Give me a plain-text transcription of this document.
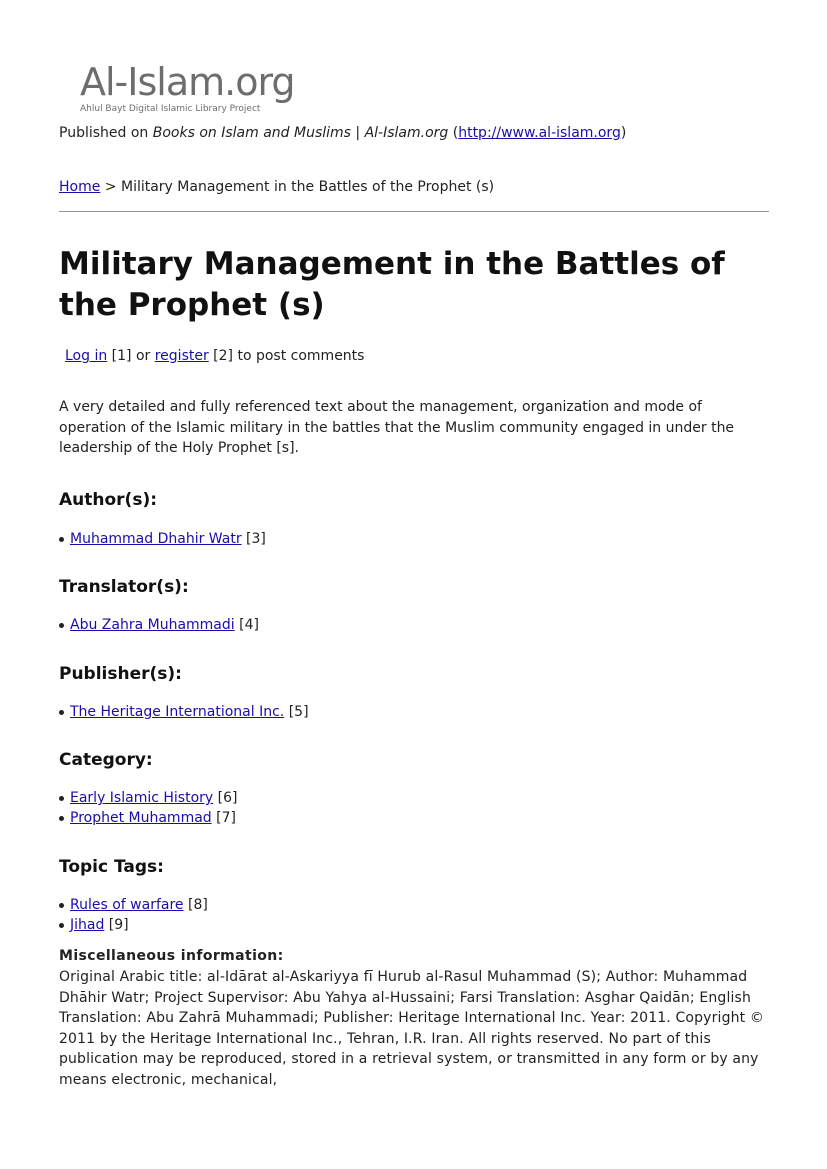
Al-Islam.org
Ahlul Bayt Digital Islamic Library Project
Published on Books on Islam and Muslims | Al-Islam.org (http://www.al-islam.org)
Home > Military Management in the Battles of the Prophet (s)
Military Management in the Battles of the Prophet (s)
Log in [1] or register [2] to post comments

A very detailed and fully referenced text about the management, organization and mode of operation of the Islamic military in the battles that the Muslim community engaged in under the leadership of the Holy Prophet [s].

Author(s):
Muhammad Dhahir Watr [3]
Translator(s):
Abu Zahra Muhammadi [4]
Publisher(s):
The Heritage International Inc. [5]
Category:
Early Islamic History [6]
Prophet Muhammad [7]
Topic Tags:
Rules of warfare [8]
Jihad [9]
Miscellaneous information:

Original Arabic title: al-Idārat al-Askariyya fī Hurub al-Rasul Muhammad (S); Author: Muhammad Dhāhir Watr; Project Supervisor: Abu Yahya al-Hussaini; Farsi Translation: Asghar Qaidān; English Translation: Abu Zahrā Muhammadi; Publisher: Heritage International Inc. Year: 2011. Copyright © 2011 by the Heritage International Inc., Tehran, I.R. Iran. All rights reserved. No part of this publication may be reproduced, stored in a retrieval system, or transmitted in any form or by any means electronic, mechanical,
